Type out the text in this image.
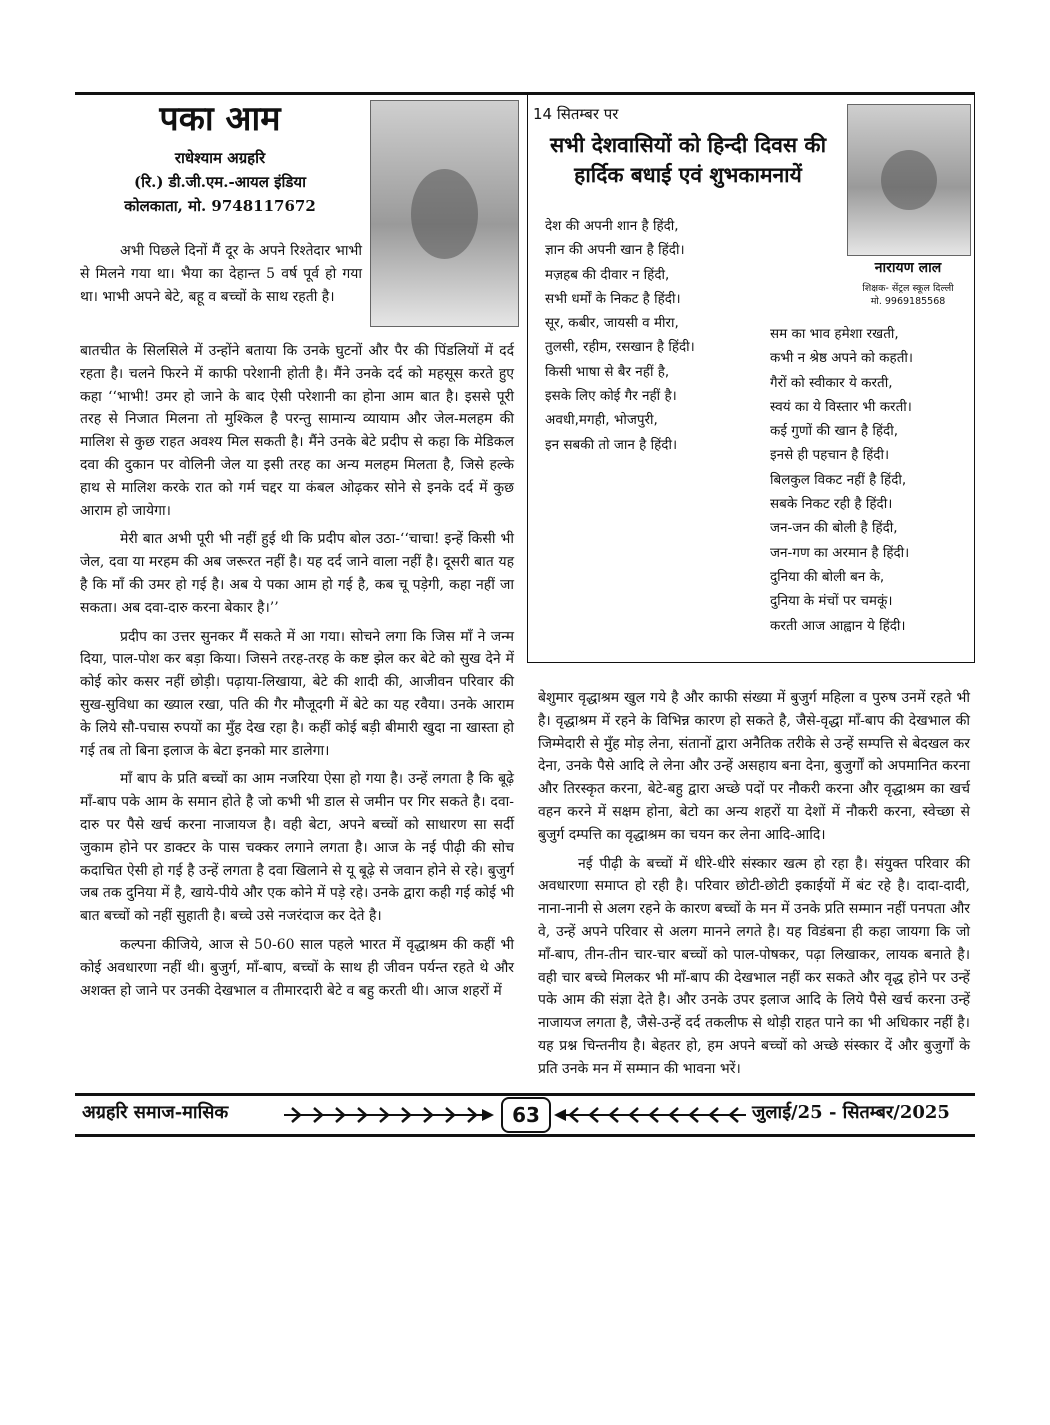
पका आम
राधेश्याम अग्रहरि
(रि.) डी.जी.एम.-आयल इंडिया
कोलकाता, मो. 9748117672

अभी पिछले दिनों मैं दूर के अपने रिश्तेदार भाभी से मिलने गया था। भैया का देहान्त 5 वर्ष पूर्व हो गया था। भाभी अपने बेटे, बहू व बच्चों के साथ रहती है।

बातचीत के सिलसिले में उन्होंने बताया कि उनके घुटनों और पैर की पिंडलियों में दर्द रहता है। चलने फिरने में काफी परेशानी होती है। मैंने उनके दर्द को महसूस करते हुए कहा ‘‘भाभी! उमर हो जाने के बाद ऐसी परेशानी का होना आम बात है। इससे पूरी तरह से निजात मिलना तो मुश्किल है परन्तु सामान्य व्यायाम और जेल-मलहम की मालिश से कुछ राहत अवश्य मिल सकती है। मैंने उनके बेटे प्रदीप से कहा कि मेडिकल दवा की दुकान पर वोलिनी जेल या इसी तरह का अन्य मलहम मिलता है, जिसे हल्के हाथ से मालिश करके रात को गर्म चद्दर या कंबल ओढ़कर सोने से इनके दर्द में कुछ आराम हो जायेगा।

मेरी बात अभी पूरी भी नहीं हुई थी कि प्रदीप बोल उठा-‘‘चाचा! इन्हें किसी भी जेल, दवा या मरहम की अब जरूरत नहीं है। यह दर्द जाने वाला नहीं है। दूसरी बात यह है कि माँ की उमर हो गई है। अब ये पका आम हो गई है, कब चू पड़ेगी, कहा नहीं जा सकता। अब दवा-दारु करना बेकार है।’’

प्रदीप का उत्तर सुनकर मैं सकते में आ गया। सोचने लगा कि जिस माँ ने जन्म दिया, पाल-पोश कर बड़ा किया। जिसने तरह-तरह के कष्ट झेल कर बेटे को सुख देने में कोई कोर कसर नहीं छोड़ी। पढ़ाया-लिखाया, बेटे की शादी की, आजीवन परिवार की सुख-सुविधा का ख्याल रखा, पति की गैर मौजूदगी में बेटे का यह रवैया। उनके आराम के लिये सौ-पचास रुपयों का मुँह देख रहा है। कहीं कोई बड़ी बीमारी खुदा ना खास्ता हो गई तब तो बिना इलाज के बेटा इनको मार डालेगा।

माँ बाप के प्रति बच्चों का आम नजरिया ऐसा हो गया है। उन्हें लगता है कि बूढ़े माँ-बाप पके आम के समान होते है जो कभी भी डाल से जमीन पर गिर सकते है। दवा-दारु पर पैसे खर्च करना नाजायज है। वही बेटा, अपने बच्चों को साधारण सा सर्दी जुकाम होने पर डाक्टर के पास चक्कर लगाने लगता है। आज के नई पीढ़ी की सोच कदाचित ऐसी हो गई है उन्हें लगता है दवा खिलाने से यू बूढ़े से जवान होने से रहे। बुजुर्ग जब तक दुनिया में है, खाये-पीये और एक कोने में पड़े रहे। उनके द्वारा कही गई कोई भी बात बच्चों को नहीं सुहाती है। बच्चे उसे नजरंदाज कर देते है।

कल्पना कीजिये, आज से 50-60 साल पहले भारत में वृद्धाश्रम की कहीं भी कोई अवधारणा नहीं थी। बुजुर्ग, माँ-बाप, बच्चों के साथ ही जीवन पर्यन्त रहते थे और अशक्त हो जाने पर उनकी देखभाल व तीमारदारी बेटे व बहु करती थी। आज शहरों में

14 सितम्बर पर
सभी देशवासियों को हिन्दी दिवस की हार्दिक बधाई एवं शुभकामनायें
नारायण लाल
शिक्षक- सेंट्रल स्कूल दिल्ली
मो. 9969185568
देश की अपनी शान है हिंदी,
ज्ञान की अपनी खान है हिंदी।
मज़हब की दीवार न हिंदी,
सभी धर्मों के निकट है हिंदी।
सूर, कबीर, जायसी व मीरा,
तुलसी, रहीम, रसखान है हिंदी।
किसी भाषा से बैर नहीं है,
इसके लिए कोई गैर नहीं है।
अवधी,मगही, भोजपुरी,
इन सबकी तो जान है हिंदी।
सम का भाव हमेशा रखती,
कभी न श्रेष्ठ अपने को कहती।
गैरों को स्वीकार ये करती,
स्वयं का ये विस्तार भी करती।
कई गुणों की खान है हिंदी,
इनसे ही पहचान है हिंदी।
बिलकुल विकट नहीं है हिंदी,
सबके निकट रही है हिंदी।
जन-जन की बोली है हिंदी,
जन-गण का अरमान है हिंदी।
दुनिया की बोली बन के,
दुनिया के मंचों पर चमकूं।
करती आज आह्वान ये हिंदी।

बेशुमार वृद्धाश्रम खुल गये है और काफी संख्या में बुजुर्ग महिला व पुरुष उनमें रहते भी है। वृद्धाश्रम में रहने के विभिन्न कारण हो सकते है, जैसे-वृद्धा माँ-बाप की देखभाल की जिम्मेदारी से मुँह मोड़ लेना, संतानों द्वारा अनैतिक तरीके से उन्हें सम्पत्ति से बेदखल कर देना, उनके पैसे आदि ले लेना और उन्हें असहाय बना देना, बुजुर्गों को अपमानित करना और तिरस्कृत करना, बेटे-बहु द्वारा अच्छे पदों पर नौकरी करना और वृद्धाश्रम का खर्च वहन करने में सक्षम होना, बेटो का अन्य शहरों या देशों में नौकरी करना, स्वेच्छा से बुजुर्ग दम्पत्ति का वृद्धाश्रम का चयन कर लेना आदि-आदि।

नई पीढ़ी के बच्चों में धीरे-धीरे संस्कार खत्म हो रहा है। संयुक्त परिवार की अवधारणा समाप्त हो रही है। परिवार छोटी-छोटी इकाईयों में बंट रहे है। दादा-दादी, नाना-नानी से अलग रहने के कारण बच्चों के मन में उनके प्रति सम्मान नहीं पनपता और वे, उन्हें अपने परिवार से अलग मानने लगते है। यह विडंबना ही कहा जायगा कि जो माँ-बाप, तीन-तीन चार-चार बच्चों को पाल-पोषकर, पढ़ा लिखाकर, लायक बनाते है। वही चार बच्चे मिलकर भी माँ-बाप की देखभाल नहीं कर सकते और वृद्ध होने पर उन्हें पके आम की संज्ञा देते है। और उनके उपर इलाज आदि के लिये पैसे खर्च करना उन्हें नाजायज लगता है, जैसे-उन्हें दर्द तकलीफ से थोड़ी राहत पाने का भी अधिकार नहीं है। यह प्रश्न चिन्तनीय है। बेहतर हो, हम अपने बच्चों को अच्छे संस्कार दें और बुजुर्गों के प्रति उनके मन में सम्मान की भावना भरें।

अग्रहरि समाज-मासिक	63	जुलाई/25 - सितम्बर/2025
